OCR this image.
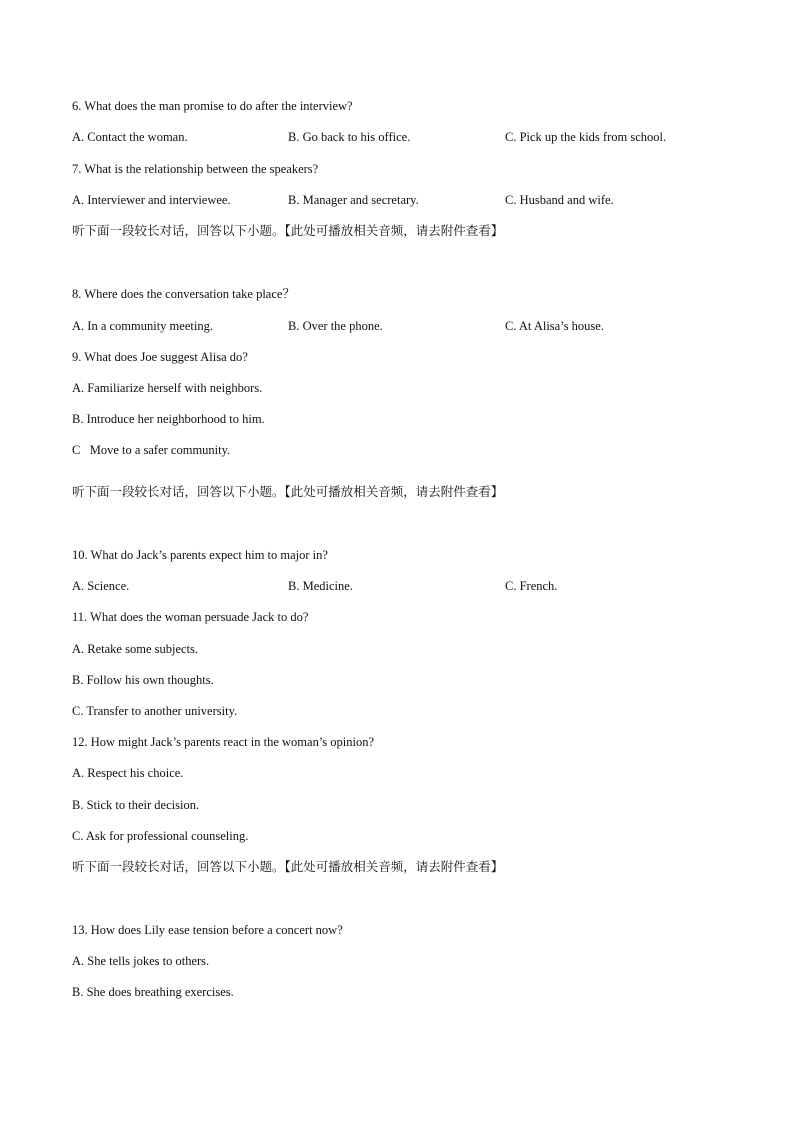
6. What does the man promise to do after the interview?
A. Contact the woman.	B. Go back to his office.	C. Pick up the kids from school.
7. What is the relationship between the speakers?
A. Interviewer and interviewee.	B. Manager and secretary.	C. Husband and wife.
听下面一段较长对话，回答以下小题。【此处可播放相关音频，请去附件查看】
8. Where does the conversation take place？
A. In a community meeting.	B. Over the phone.	C. At Alisa’s house.
9. What does Joe suggest Alisa do?
A. Familiarize herself with neighbors.
B. Introduce her neighborhood to him.
C   Move to a safer community.
听下面一段较长对话，回答以下小题。【此处可播放相关音频，请去附件查看】
10. What do Jack’s parents expect him to major in?
A. Science.	B. Medicine.	C. French.
11. What does the woman persuade Jack to do?
A. Retake some subjects.
B. Follow his own thoughts.
C. Transfer to another university.
12. How might Jack’s parents react in the woman’s opinion?
A. Respect his choice.
B. Stick to their decision.
C. Ask for professional counseling.
听下面一段较长对话，回答以下小题。【此处可播放相关音频，请去附件查看】
13. How does Lily ease tension before a concert now?
A. She tells jokes to others.
B. She does breathing exercises.
